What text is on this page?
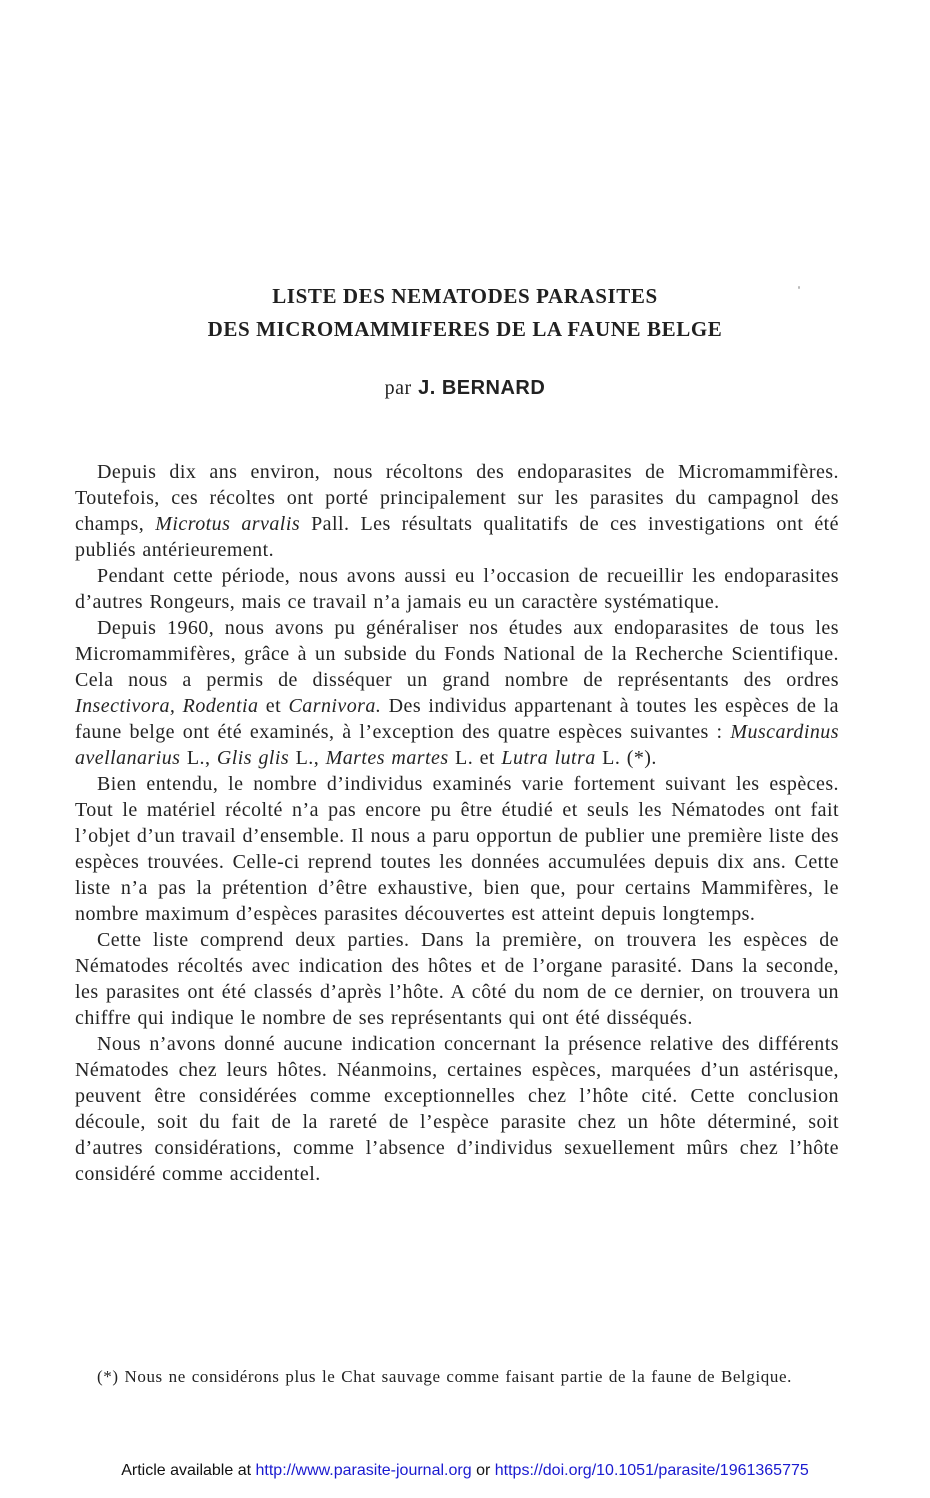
LISTE DES NEMATODES PARASITES
DES MICROMAMMIFERES DE LA FAUNE BELGE
par J. BERNARD

Depuis dix ans environ, nous récoltons des endoparasites de Micromammifères. Toutefois, ces récoltes ont porté principalement sur les parasites du campagnol des champs, Microtus arvalis Pall. Les résultats qualitatifs de ces investigations ont été publiés antérieurement.

Pendant cette période, nous avons aussi eu l’occasion de recueillir les endoparasites d’autres Rongeurs, mais ce travail n’a jamais eu un caractère systématique.

Depuis 1960, nous avons pu généraliser nos études aux endoparasites de tous les Micromammifères, grâce à un subside du Fonds National de la Recherche Scientifique. Cela nous a permis de disséquer un grand nombre de représentants des ordres Insectivora, Rodentia et Carnivora. Des individus appartenant à toutes les espèces de la faune belge ont été examinés, à l’exception des quatre espèces suivantes : Muscardinus avellanarius L., Glis glis L., Martes martes L. et Lutra lutra L. (*).

Bien entendu, le nombre d’individus examinés varie fortement suivant les espèces. Tout le matériel récolté n’a pas encore pu être étudié et seuls les Nématodes ont fait l’objet d’un travail d’ensemble. Il nous a paru opportun de publier une première liste des espèces trouvées. Celle-ci reprend toutes les données accumulées depuis dix ans. Cette liste n’a pas la prétention d’être exhaustive, bien que, pour certains Mammifères, le nombre maximum d’espèces parasites découvertes est atteint depuis longtemps.

Cette liste comprend deux parties. Dans la première, on trouvera les espèces de Nématodes récoltés avec indication des hôtes et de l’organe parasité. Dans la seconde, les parasites ont été classés d’après l’hôte. A côté du nom de ce dernier, on trouvera un chiffre qui indique le nombre de ses représentants qui ont été disséqués.

Nous n’avons donné aucune indication concernant la présence relative des différents Nématodes chez leurs hôtes. Néanmoins, certaines espèces, marquées d’un astérisque, peuvent être considérées comme exceptionnelles chez l’hôte cité. Cette conclusion découle, soit du fait de la rareté de l’espèce parasite chez un hôte déterminé, soit d’autres considérations, comme l’absence d’individus sexuellement mûrs chez l’hôte considéré comme accidentel.

(*) Nous ne considérons plus le Chat sauvage comme faisant partie de la faune de Belgique.
Article available at http://www.parasite-journal.org or https://doi.org/10.1051/parasite/1961365775
